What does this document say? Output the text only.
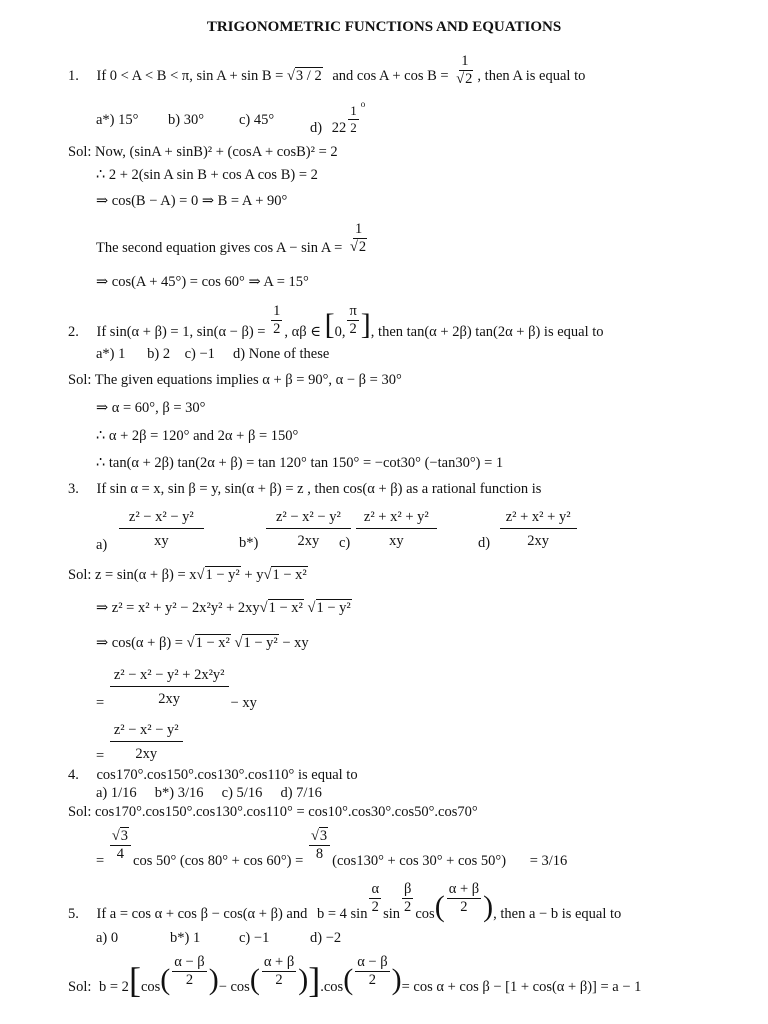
TRIGONOMETRIC FUNCTIONS AND EQUATIONS
1. If 0 < A < B < π, sin A + sin B = √3 / 2 and $\cos A + \cos B = \frac{1}{√2}$ , then A is equal to
a*) 15° b) 30° c) 45°
d) $22 \frac{1}{2}$
$^o$
Sol: Now, (sinA + sinB)² + (cosA + cosB)² = 2
∴ 2 + 2(sin A sin B + cos A cos B) = 2
⇒ cos(B − A) = 0 ⇒ B = A + 90°
The second equation gives $\cos A - \sin A = \frac{1}{√2}$
⇒ cos(A + 45°) = cos 60° ⇒ A = 15°
2. If sin(α + β) = 1, $\sin(\alpha - \beta) = \frac{1}{2}$ , αβ ∈ [0, $\frac{\pi}{2}$ ], then tan(α + 2β) tan(2α + β) is equal to
a*) 1      b) 2    c) −1     d) None of these
Sol: The given equations implies α + β = 90°, α − β = 30°
⇒ α = 60°, β = 30°
∴ α + 2β = 120° and 2α + β = 150°
∴ tan(α + 2β) tan(2α + β) = tan 120° tan 150° = −cot30° (−tan30°) = 1
3. If sin α = x, sin β = y, sin(α + β) = z , then cos(α + β) as a rational function is
$a) \frac{\text{z² − x² − y²}}{xy} b*) \frac{\text{z² − x² − y²}}{2xy}$
$c) \frac{\text{z² + x² + y²}}{xy}$	$d) \frac{\text{z² + x² + y²}}{2xy}$
Sol: z = sin(α + β) = x√1 − y² + y√1 − x²
⇒ z² = x² + y² − 2x²y² + 2xy√1 − x² √1 − y²
⇒ cos(α + β) = √1 − x² √1 − y² − xy
= $\frac{\text{z² − x² − y² + 2x²y²}}{2xy}$ − xy
= $\frac{\text{z² − x² − y²}}{2xy}$
4. cos170°.cos150°.cos130°.cos110° is equal to
a) 1/16     b*) 3/16     c) 5/16     d) 7/16
Sol: cos170°.cos150°.cos130°.cos110° = cos10°.cos30°.cos50°.cos70°
= $\frac{√3}{4}$ cos 50° (cos $80^\circ + \cos 60^\circ) = \frac{√3}{8} (\cos 130^\circ + \cos 30^\circ + \cos 50^\circ) = 3/16$
5. If a = cos α + cos β − cos(α + β) and b = 4 $\sin \frac{\alpha}{2}$ $\sin \frac{\beta}{2} \cos( \frac{\alpha + \beta}{2}$ ), then a − b is equal to
a) 0	b*) 1	c) −1	d) −2
Sol: $b = 2[\cos( \frac{\alpha - \beta}{2}$ )− $\cos( \frac{\alpha + \beta}{2} )].\cos( \frac{\alpha - \beta}{2}$ )= cos α + cos β − [1 + cos(α + β)] = a − 1
